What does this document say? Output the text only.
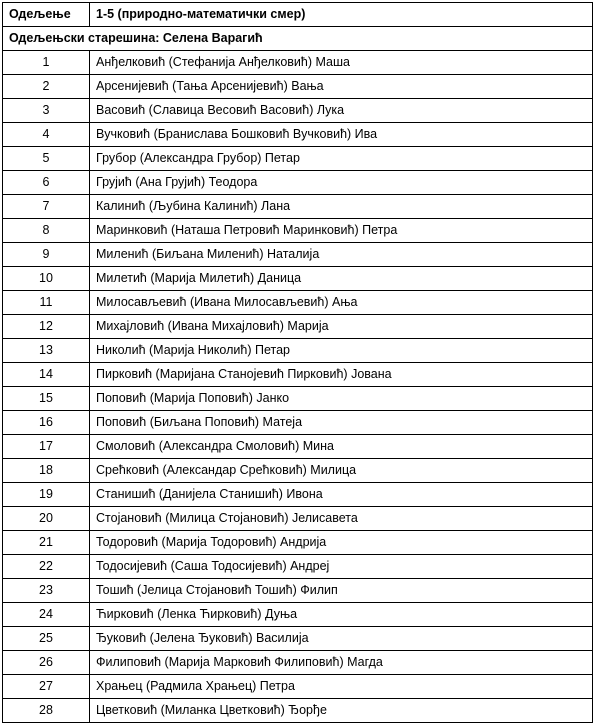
Одељење	1-5 (природно-математички смер)
Одељењски старешина: Селена Варагић	
1	Анђелковић (Стефанија Анђелковић) Маша
2	Арсенијевић (Тања Арсенијевић) Вања
3	Васовић (Славица Весовић Васовић) Лука
4	Вучковић (Бранислава Бошковић Вучковић) Ива
5	Грубор (Александра Грубор) Петар
6	Грујић (Ана Грујић) Теодора
7	Калинић (Љубина Калинић) Лана
8	Маринковић (Наташа Петровић Маринковић) Петра
9	Миленић (Биљана Миленић) Наталија
10	Милетић (Марија Милетић) Даница
11	Милосављевић (Ивана Милосављевић) Ања
12	Михајловић (Ивана Михајловић) Марија
13	Николић (Марија Николић) Петар
14	Пирковић (Маријана Станојевић Пирковић) Јована
15	Поповић (Марија Поповић) Јанко
16	Поповић (Биљана Поповић) Матеја
17	Смоловић (Александра Смоловић) Мина
18	Срећковић (Александар Срећковић) Милица
19	Станишић (Данијела Станишић) Ивона
20	Стојановић (Милица Стојановић) Јелисавета
21	Тодоровић (Марија Тодоровић) Андрија
22	Тодосијевић (Саша Тодосијевић) Андрej
23	Тошић (Јелица Стојановић Тошић) Филип
24	Ћирковић (Ленка Ћирковић) Дуња
25	Ђуковић (Јелена Ђуковић) Василија
26	Филиповић (Марија Марковић Филиповић) Магда
27	Храњец (Радмила Храњец) Петра
28	Цветковић (Миланка Цветковић) Ђорђе
